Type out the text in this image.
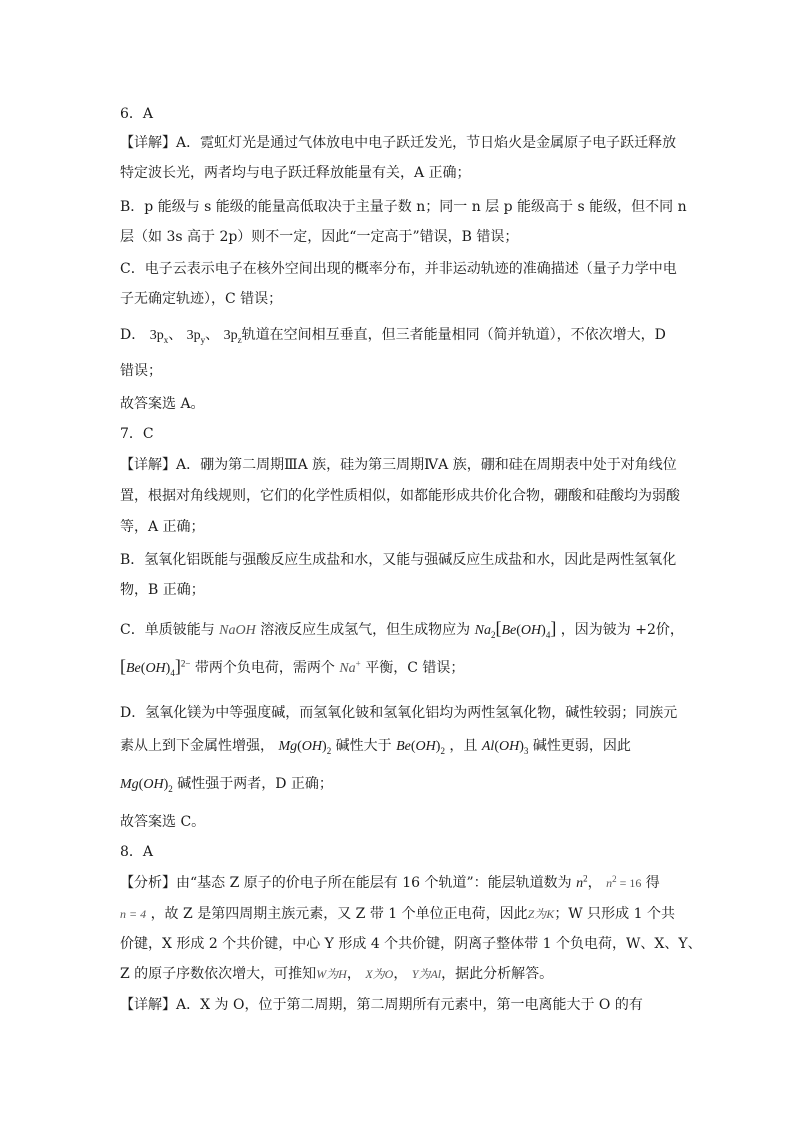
6．A
【详解】A．霓虹灯光是通过气体放电中电子跃迁发光，节日焰火是金属原子电子跃迁释放
特定波长光，两者均与电子跃迁释放能量有关，A 正确；
B．p 能级与 s 能级的能量高低取决于主量子数 n；同一 n 层 p 能级高于 s 能级，但不同 n
层（如 3s 高于 2p）则不一定，因此“一定高于”错误，B 错误；
C．电子云表示电子在核外空间出现的概率分布，并非运动轨迹的准确描述（量子力学中电
子无确定轨迹），C 错误；
D． $3p_x$、 $3p_y$、 $3p_z$轨道在空间相互垂直，但三者能量相同（简并轨道），不依次增大，D
错误；
故答案选 A。
7．C
【详解】A．硼为第二周期ⅢA 族，硅为第三周期ⅣA 族，硼和硅在周期表中处于对角线位
置，根据对角线规则，它们的化学性质相似，如都能形成共价化合物，硼酸和硅酸均为弱酸
等，A 正确；
B．氢氧化铝既能与强酸反应生成盐和水，又能与强碱反应生成盐和水，因此是两性氢氧化
物，B 正确；
C．单质铍能与 NaOH 溶液反应生成氢气，但生成物应为 $Na_2[Be(OH)_4]$ ，因为铍为 +2价，
$[Be(OH)_4]^{2-}$ 带两个负电荷，需两个 Na+ 平衡，C 错误；
D．氢氧化镁为中等强度碱，而氢氧化铍和氢氧化铝均为两性氢氧化物，碱性较弱；同族元
素从上到下金属性增强， $Mg(OH)_2$ 碱性大于 $Be(OH)_2$ ，且 $Al(OH)_3$ 碱性更弱，因此
$Mg(OH)_2$ 碱性强于两者，D 正确；
故答案选 C。
8．A
【分析】由“基态 Z 原子的价电子所在能层有 16 个轨道”：能层轨道数为 $n^2$， $n^2 = 16$ 得
n = 4 ，故 Z 是第四周期主族元素，又 Z 带 1 个单位正电荷，因此Z为K；W 只形成 1 个共
价键，X 形成 2 个共价键，中心 Y 形成 4 个共价键，阴离子整体带 1 个负电荷，W、X、Y、
Z 的原子序数依次增大，可推知W为H， X为O， Y为Al，据此分析解答。
【详解】A．X 为 O，位于第二周期，第二周期所有元素中，第一电离能大于 O 的有
